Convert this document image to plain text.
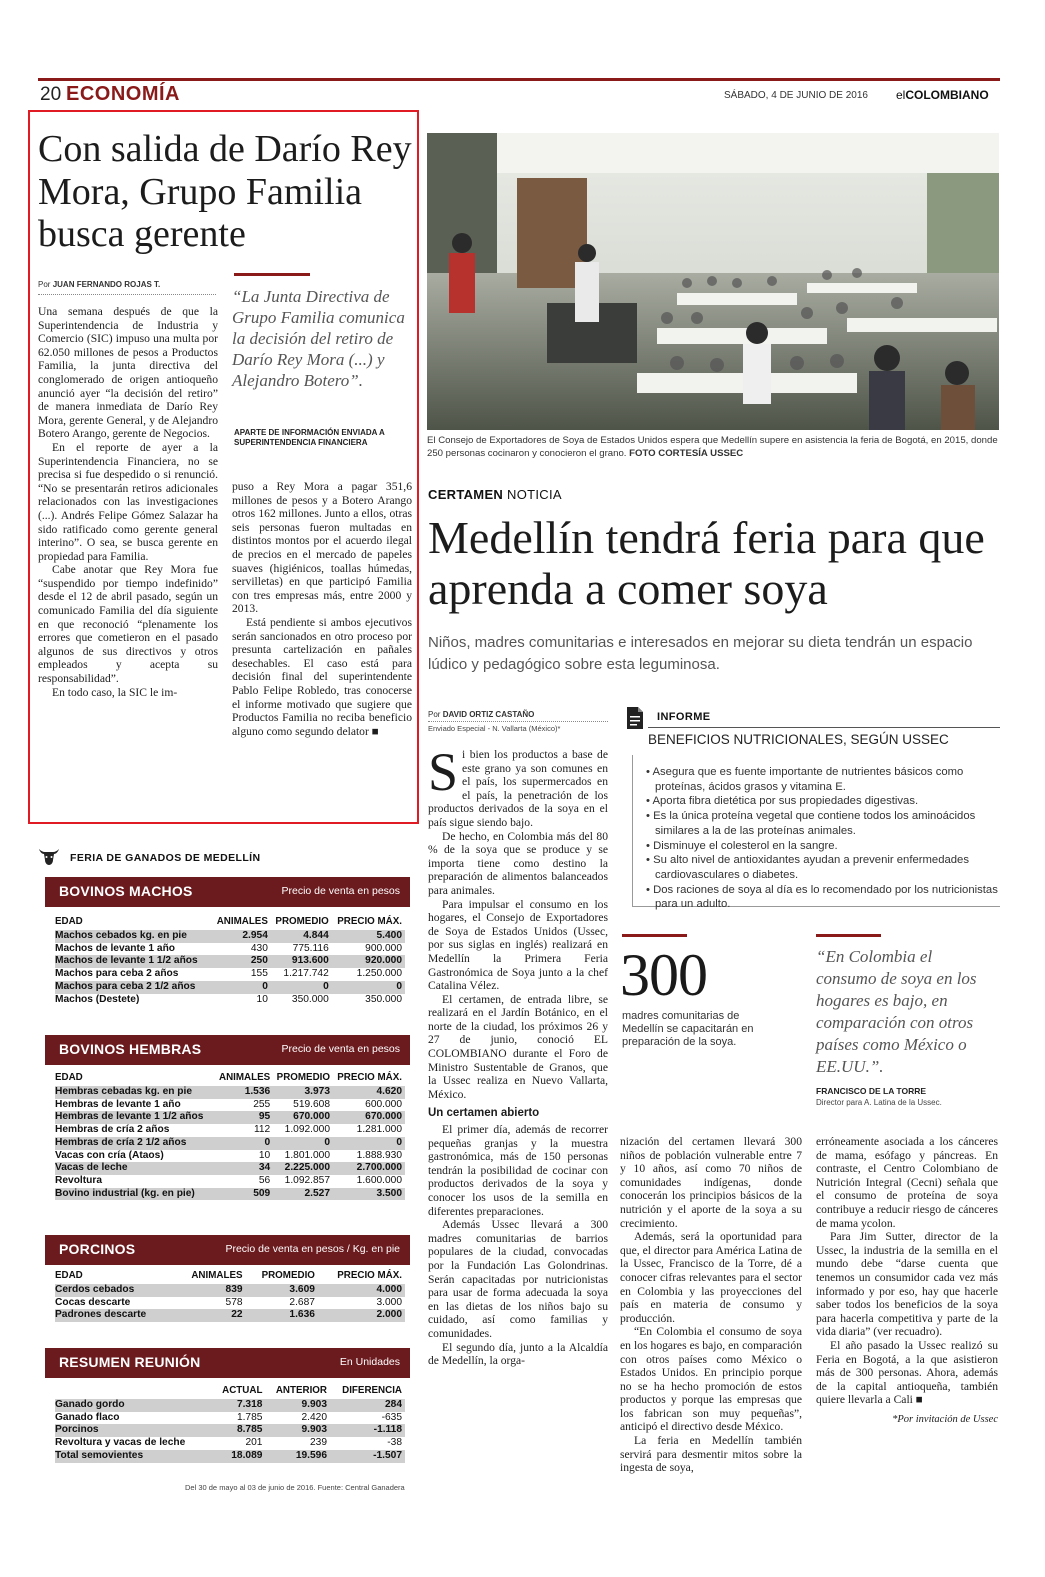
20 ECONOMÍA	SÁBADO, 4 DE JUNIO DE 2016 elCOLOMBIANO
Con salida de Darío Rey Mora, Grupo Familia busca gerente
Por JUAN FERNANDO ROJAS T.

Una semana después de que la Superintendencia de Industria y Comercio (SIC) impuso una multa por 62.050 millones de pesos a Productos Familia, la junta directiva del conglomerado de origen antioqueño anunció ayer “la decisión del retiro” de manera inmediata de Darío Rey Mora, gerente General, y de Alejandro Botero Arango, gerente de Negocios.

En el reporte de ayer a la Superintendencia Financiera, no se precisa si fue despedido o si renunció. “No se presentarán retiros adicionales relacionados con las investigaciones (...). Andrés Felipe Gómez Salazar ha sido ratificado como gerente general interino”. O sea, se busca gerente en propiedad para Familia.

Cabe anotar que Rey Mora fue “suspendido por tiempo indefinido” desde el 12 de abril pasado, según un comunicado Familia del día siguiente en que reconoció “plenamente los errores que cometieron en el pasado algunos de sus directivos y otros empleados y acepta su responsabilidad”.

En todo caso, la SIC le im-

“La Junta Directiva de Grupo Familia comunica la decisión del retiro de Darío Rey Mora (...) y Alejandro Botero”.
APARTE DE INFORMACIÓN ENVIADA A SUPERINTENDENCIA FINANCIERA

puso a Rey Mora a pagar 351,6 millones de pesos y a Botero Arango otros 162 millones. Junto a ellos, otras seis personas fueron multadas en distintos montos por el acuerdo ilegal de precios en el mercado de papeles suaves (higiénicos, toallas húmedas, servilletas) en que participó Familia con tres empresas más, entre 2000 y 2013.

Está pendiente si ambos ejecutivos serán sancionados en otro proceso por presunta cartelización en pañales desechables. El caso está para decisión final del superintendente Pablo Felipe Robledo, tras conocerse el informe motivado que sugiere que Productos Familia no reciba beneficio alguno como segundo delator ■

El Consejo de Exportadores de Soya de Estados Unidos espera que Medellín supere en asistencia la feria de Bogotá, en 2015, donde 250 personas cocinaron y conocieron el grano. FOTO CORTESÍA USSEC
CERTAMEN NOTICIA
Medellín tendrá feria para que aprenda a comer soya
Niños, madres comunitarias e interesados en mejorar su dieta tendrán un espacio lúdico y pedagógico sobre esta leguminosa.
Por DAVID ORTIZ CASTAÑO
Enviado Especial - N. Vallarta (México)*

Si bien los productos a base de este grano ya son comunes en el país, los supermercados en el país, la penetración de los productos derivados de la soya en el país sigue siendo bajo.

De hecho, en Colombia más del 80 % de la soya que se produce y se importa tiene como destino la preparación de alimentos balanceados para animales.

Para impulsar el consumo en los hogares, el Consejo de Exportadores de Soya de Estados Unidos (Ussec, por sus siglas en inglés) realizará en Medellín la Primera Feria Gastronómica de Soya junto a la chef Catalina Vélez.

El certamen, de entrada libre, se realizará en el Jardín Botánico, en el norte de la ciudad, los próximos 26 y 27 de junio, conoció EL COLOMBIANO durante el Foro de Ministro Sustentable de Granos, que la Ussec realiza en Nuevo Vallarta, México.

Un certamen abierto

El primer día, además de recorrer pequeñas granjas y la muestra gastronómica, más de 150 personas tendrán la posibilidad de cocinar con productos derivados de la soya y conocer los usos de la semilla en diferentes preparaciones.

Además Ussec llevará a 300 madres comunitarias de barrios populares de la ciudad, convocadas por la Fundación Las Golondrinas. Serán capacitadas por nutricionistas para usar de forma adecuada la soya en las dietas de los niños bajo su cuidado, así como familias y comunidades.

El segundo día, junto a la Alcaldía de Medellín, la orga-

INFORME
BENEFICIOS NUTRICIONALES, SEGÚN USSEC
• Asegura que es fuente importante de nutrientes básicos como proteínas, ácidos grasos y vitamina E.
• Aporta fibra dietética por sus propiedades digestivas.
• Es la única proteína vegetal que contiene todos los aminoácidos similares a la de las proteínas animales.
• Disminuye el colesterol en la sangre.
• Su alto nivel de antioxidantes ayudan a prevenir enfermedades cardiovasculares o diabetes.
• Dos raciones de soya al día es lo recomendado por los nutricionistas para un adulto.
300
madres comunitarias de Medellín se capacitarán en preparación de la soya.
“En Colombia el consumo de soya en los hogares es bajo, en comparación con otros países como México o EE.UU.”.
FRANCISCO DE LA TORRE
Director para A. Latina de la Ussec.

nización del certamen llevará 300 niños de población vulnerable entre 7 y 10 años, así como 70 niños de comunidades indígenas, donde conocerán los principios básicos de la nutrición y el aporte de la soya a su crecimiento.

Además, será la oportunidad para que, el director para América Latina de la Ussec, Francisco de la Torre, dé a conocer cifras relevantes para el sector en Colombia y las proyecciones del país en materia de consumo y producción.

“En Colombia el consumo de soya en los hogares es bajo, en comparación con otros países como México o Estados Unidos. En principio porque no se ha hecho promoción de estos productos y porque las empresas que los fabrican son muy pequeñas”, anticipó el directivo desde México.

La feria en Medellín también servirá para desmentir mitos sobre la ingesta de soya,

erróneamente asociada a los cánceres de mama, esófago y páncreas. En contraste, el Centro Colombiano de Nutrición Integral (Cecni) señala que el consumo de proteína de soya contribuye a reducir riesgo de cánceres de mama ycolon.

Para Jim Sutter, director de la Ussec, la industria de la semilla en el mundo debe “darse cuenta que tenemos un consumidor cada vez más informado y por eso, hay que hacerle saber todos los beneficios de la soya para hacerla competitiva y parte de la vida diaria” (ver recuadro).

El año pasado la Ussec realizó su Feria en Bogotá, a la que asistieron más de 300 personas. Ahora, además de la capital antioqueña, también quiere llevarla a Cali ■

*Por invitación de Ussec

FERIA DE GANADOS DE MEDELLÍN
BOVINOS MACHOS	Precio de venta en pesos
EDAD	ANIMALES	PROMEDIO	PRECIO MÁX.
Machos cebados kg. en pie	2.954	4.844	5.400
Machos de levante 1 año	430	775.116	900.000
Machos de levante 1 1/2 años	250	913.600	920.000
Machos para ceba 2 años	155	1.217.742	1.250.000
Machos para ceba 2 1/2 años	0	0	0
Machos (Destete)	10	350.000	350.000
BOVINOS HEMBRAS	Precio de venta en pesos
EDAD	ANIMALES	PROMEDIO	PRECIO MÁX.
Hembras cebadas kg. en pie	1.536	3.973	4.620
Hembras de levante 1 año	255	519.608	600.000
Hembras de levante 1 1/2 años	95	670.000	670.000
Hembras de cría 2 años	112	1.092.000	1.281.000
Hembras de cría 2 1/2 años	0	0	0
Vacas con cría (Ataos)	10	1.801.000	1.888.930
Vacas de leche	34	2.225.000	2.700.000
Revoltura	56	1.092.857	1.600.000
Bovino industrial (kg. en pie)	509	2.527	3.500
PORCINOS	Precio de venta en pesos / Kg. en pie
EDAD	ANIMALES	PROMEDIO	PRECIO MÁX.
Cerdos cebados	839	3.609	4.000
Cocas descarte	578	2.687	3.000
Padrones descarte	22	1.636	2.000
RESUMEN REUNIÓN	En Unidades
	ACTUAL	ANTERIOR	DIFERENCIA
Ganado gordo	7.318	9.903	284
Ganado flaco	1.785	2.420	-635
Porcinos	8.785	9.903	-1.118
Revoltura y vacas de leche	201	239	-38
Total semovientes	18.089	19.596	-1.507
Del 30 de mayo al 03 de junio de 2016. Fuente: Central Ganadera
